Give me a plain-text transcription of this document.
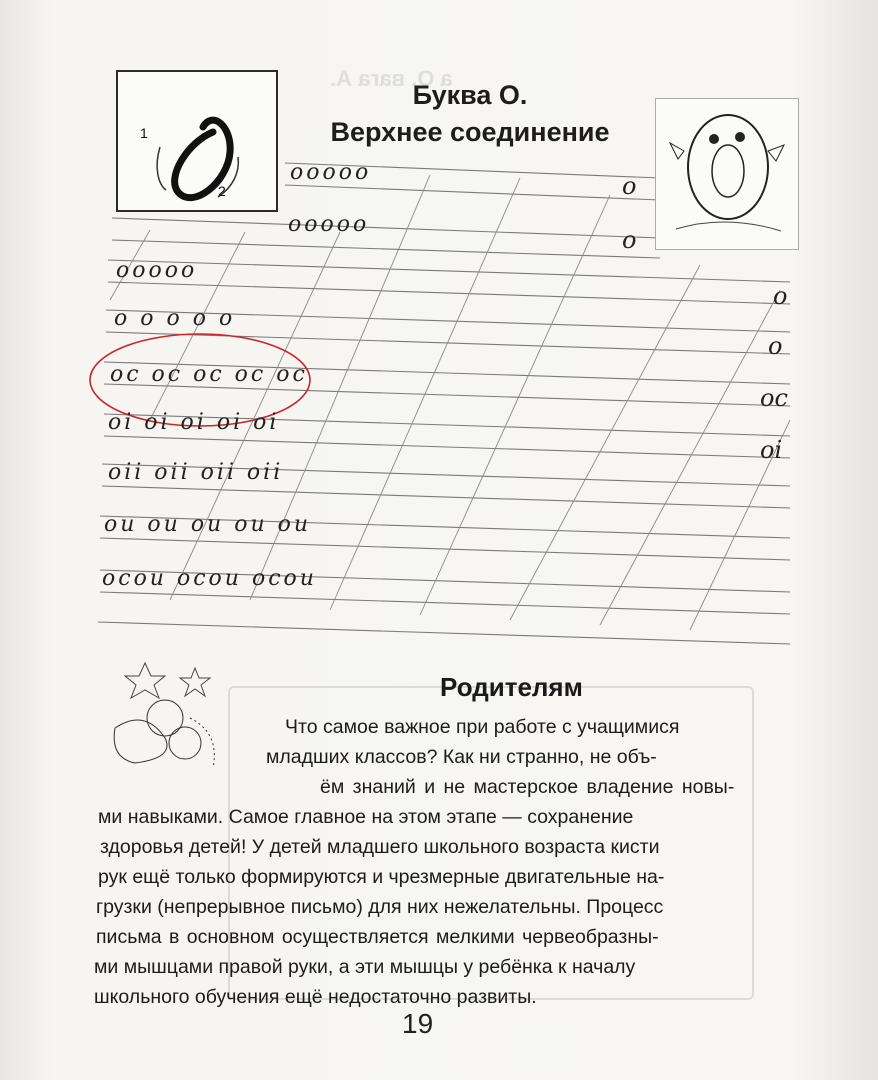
а О. вага А.
1
2
Буква О.
Верхнее соединение
ooooo	o
ooooo
o
ooooo
o
o o o o o
o
oc oc oc oc oc
oc
oi oi oi oi oi
oi
oii oii oii oii
ou ou ou ou ou
ocou ocou ocou
Родителям
Что самое важное при работе с учащимися
младших классов? Как ни странно, не объ-
ём знаний и не мастерское владение новы-
ми навыками. Самое главное на этом этапе — сохранение
здоровья детей! У детей младшего школьного возраста кисти
рук ещё только формируются и чрезмерные двигательные на-
грузки (непрерывное письмо) для них нежелательны. Процесс
письма в основном осуществляется мелкими червеобразны-
ми мышцами правой руки, а эти мышцы у ребёнка к началу
школьного обучения ещё недостаточно развиты.
19
